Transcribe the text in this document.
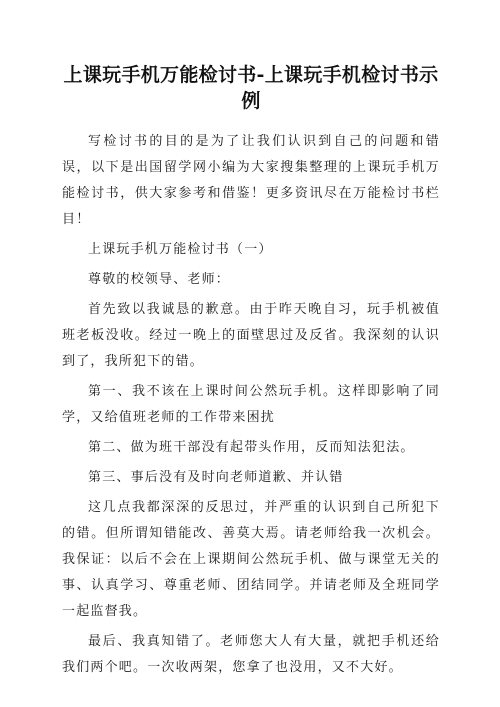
上课玩手机万能检讨书-上课玩手机检讨书示例

写检讨书的目的是为了让我们认识到自己的问题和错误，以下是出国留学网小编为大家搜集整理的上课玩手机万能检讨书，供大家参考和借鉴！更多资讯尽在万能检讨书栏目！

上课玩手机万能检讨书（一）

尊敬的校领导、老师：

首先致以我诚恳的歉意。由于昨天晚自习，玩手机被值班老板没收。经过一晚上的面壁思过及反省。我深刻的认识到了，我所犯下的错。

第一、我不该在上课时间公然玩手机。这样即影响了同学，又给值班老师的工作带来困扰

第二、做为班干部没有起带头作用，反而知法犯法。

第三、事后没有及时向老师道歉、并认错

这几点我都深深的反思过，并严重的认识到自己所犯下的错。但所谓知错能改、善莫大焉。请老师给我一次机会。我保证：以后不会在上课期间公然玩手机、做与课堂无关的事、认真学习、尊重老师、团结同学。并请老师及全班同学一起监督我。

最后、我真知错了。老师您大人有大量，就把手机还给我们两个吧。一次收两架，您拿了也没用，又不大好。
